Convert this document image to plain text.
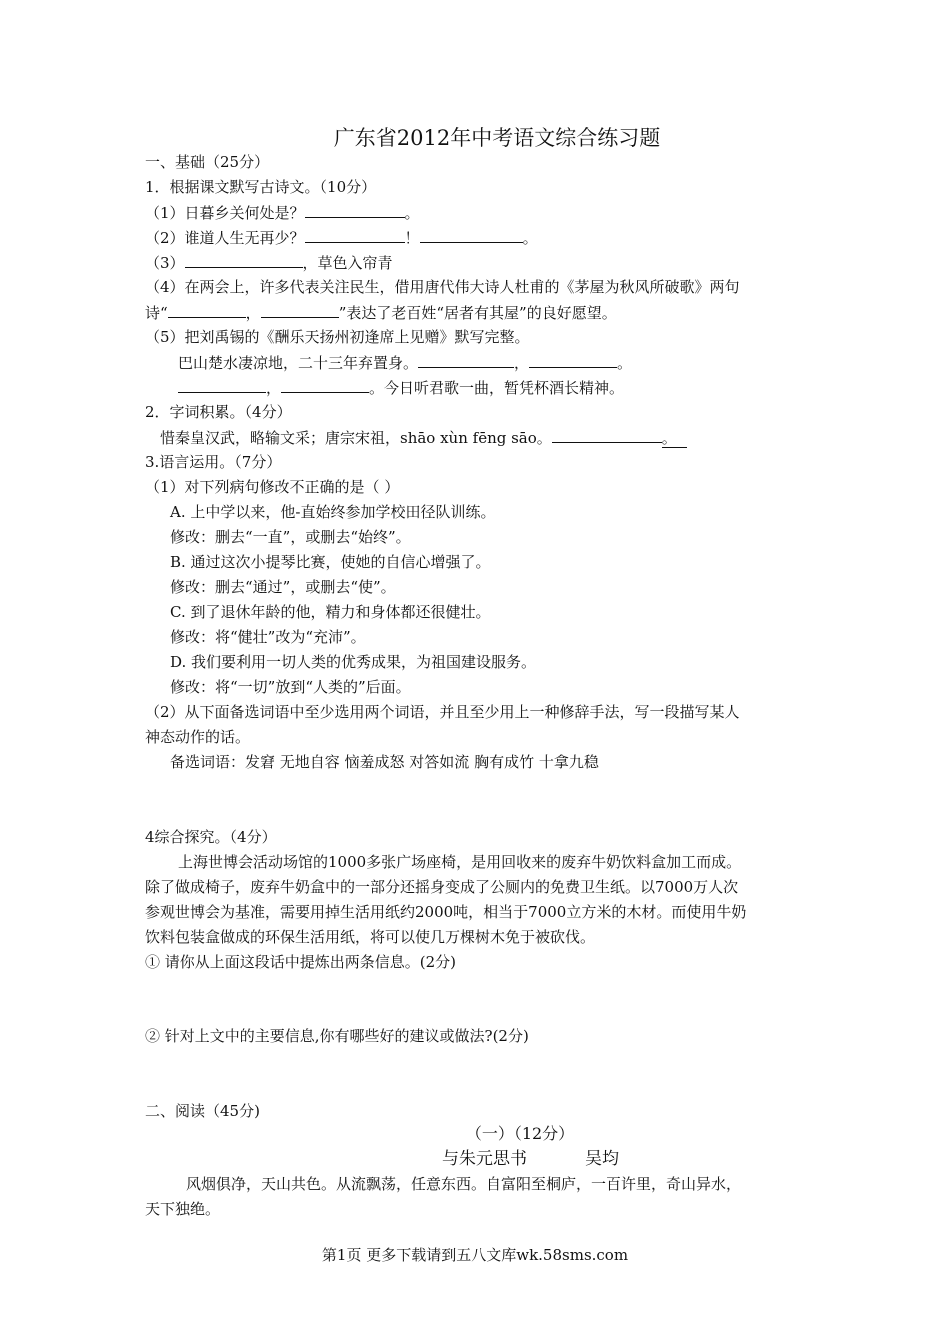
广东省2012年中考语文综合练习题
一、基础（25分）
1．根据课文默写古诗文。（10分）
（1）日暮乡关何处是？	。
（2）谁道人生无再少？	！	。
（3）	，草色入帘青
（4）在两会上，许多代表关注民生，借用唐代伟大诗人杜甫的《茅屋为秋风所破歌》两句
诗“	，	”表达了老百姓“居者有其屋”的良好愿望。
（5）把刘禹锡的《酬乐天扬州初逢席上见赠》默写完整。
巴山楚水凄凉地，二十三年弃置身。	，	。
，	。今日听君歌一曲，暂凭杯酒长精神。
2．字词积累。（4分）
惜秦皇汉武，略输文采；唐宗宋祖，shāo xùn fēng sāo。	。
3.语言运用。（7分）
（1）对下列病句修改不正确的是（ ）
A. 上中学以来，他-直始终参加学校田径队训练。
修改：删去“一直”，或删去“始终”。
B. 通过这次小提琴比赛，使她的自信心增强了。
修改：删去“通过”，或删去“使”。
C. 到了退休年龄的他，精力和身体都还很健壮。
修改：将“健壮”改为“充沛”。
D. 我们要利用一切人类的优秀成果，为祖国建设服务。
修改：将“一切”放到“人类的”后面。
（2）从下面备选词语中至少选用两个词语，并且至少用上一种修辞手法，写一段描写某人
神态动作的话。
备选词语：发窘 无地自容 恼羞成怒 对答如流 胸有成竹 十拿九稳
4综合探究。（4分）
上海世博会活动场馆的1000多张广场座椅，是用回收来的废弃牛奶饮料盒加工而成。
除了做成椅子，废弃牛奶盒中的一部分还摇身变成了公厕内的免费卫生纸。以7000万人次
参观世博会为基准，需要用掉生活用纸约2000吨，相当于7000立方米的木材。而使用牛奶
饮料包装盒做成的环保生活用纸，将可以使几万棵树木免于被砍伐。
① 请你从上面这段话中提炼出两条信息。(2分)
② 针对上文中的主要信息,你有哪些好的建议或做法?(2分)
二、阅读（45分)
（一）（12分）
与朱元思书	吴均
风烟俱净，天山共色。从流飘荡，任意东西。自富阳至桐庐，一百许里，奇山异水，
天下独绝。
第1页 更多下载请到五八文库wk.58sms.com
